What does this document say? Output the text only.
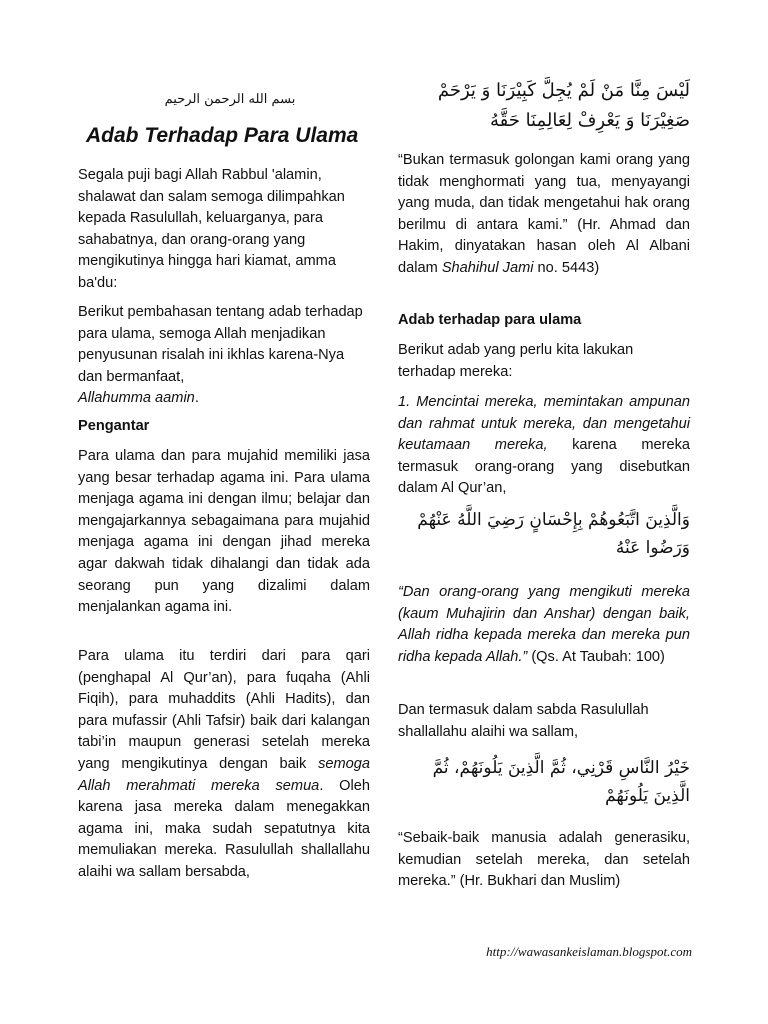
بسم الله الرحمن الرحيم
Adab Terhadap Para Ulama

Segala puji bagi Allah Rabbul 'alamin, shalawat dan salam semoga dilimpahkan kepada Rasulullah, keluarganya, para sahabatnya, dan orang-orang yang mengikutinya hingga hari kiamat, amma ba'du:

Berikut pembahasan tentang adab terhadap para ulama, semoga Allah menjadikan penyusunan risalah ini ikhlas karena-Nya dan bermanfaat,
Allahumma aamin.

Pengantar

Para ulama dan para mujahid memiliki jasa yang besar terhadap agama ini. Para ulama menjaga agama ini dengan ilmu; belajar dan mengajarkannya sebagaimana para mujahid menjaga agama ini dengan jihad mereka agar dakwah tidak dihalangi dan tidak ada seorang pun yang dizalimi dalam menjalankan agama ini.

Para ulama itu terdiri dari para qari (penghapal Al Qur’an), para fuqaha (Ahli Fiqih), para muhaddits (Ahli Hadits), dan para mufassir (Ahli Tafsir) baik dari kalangan tabi’in maupun generasi setelah mereka yang mengikutinya dengan baik semoga Allah merahmati mereka semua. Oleh karena jasa mereka dalam menegakkan agama ini, maka sudah sepatutnya kita memuliakan mereka. Rasulullah shallallahu alaihi wa sallam bersabda,

لَيْسَ مِنَّا مَنْ لَمْ يُجِلَّ كَبِيْرَنَا وَ يَرْحَمْ صَغِيْرَنَا وَ يَعْرِفْ لِعَالِمِنَا حَقَّهُ

“Bukan termasuk golongan kami orang yang tidak menghormati yang tua, menyayangi yang muda, dan tidak mengetahui hak orang berilmu di antara kami.” (Hr. Ahmad dan Hakim, dinyatakan hasan oleh Al Albani dalam Shahihul Jami no. 5443)

Adab terhadap para ulama

Berikut adab yang perlu kita lakukan terhadap mereka:

1. Mencintai mereka, memintakan ampunan dan rahmat untuk mereka, dan mengetahui keutamaan mereka, karena mereka termasuk orang-orang yang disebutkan dalam Al Qur’an,

وَالَّذِينَ اتَّبَعُوهُمْ بِإِحْسَانٍ رَضِيَ اللَّهُ عَنْهُمْ وَرَضُوا عَنْهُ

“Dan orang-orang yang mengikuti mereka (kaum Muhajirin dan Anshar) dengan baik, Allah ridha kepada mereka dan mereka pun ridha kepada Allah.” (Qs. At Taubah: 100)

Dan termasuk dalam sabda Rasulullah shallallahu alaihi wa sallam,

خَيْرُ النَّاسِ قَرْنِي، ثُمَّ الَّذِينَ يَلُونَهُمْ، ثُمَّ الَّذِينَ يَلُونَهُمْ

“Sebaik-baik manusia adalah generasiku, kemudian setelah mereka, dan setelah mereka.” (Hr. Bukhari dan Muslim)

http://wawasankeislaman.blogspot.com
